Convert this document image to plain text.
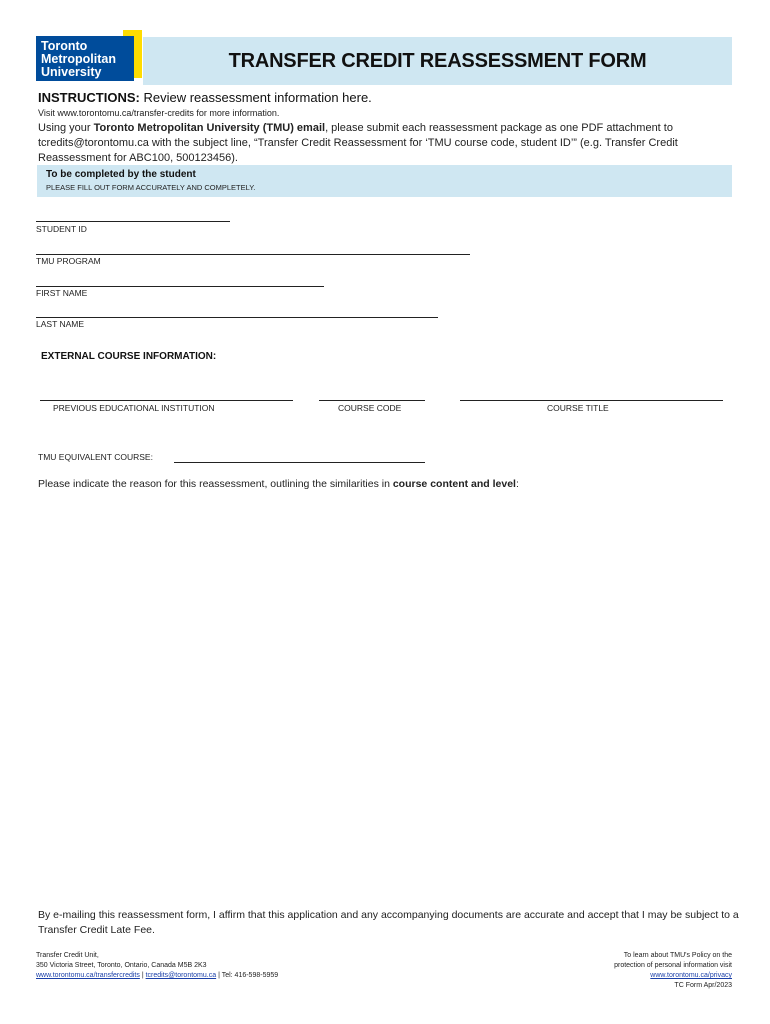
Toronto
Metropolitan
University	TRANSFER CREDIT REASSESSMENT FORM
INSTRUCTIONS: Review reassessment information here.
Visit www.torontomu.ca/transfer-credits for more information.
Using your Toronto Metropolitan University (TMU) email, please submit each reassessment package as one PDF attachment to tcredits@torontomu.ca with the subject line, “Transfer Credit Reassessment for ‘TMU course code, student ID’” (e.g. Transfer Credit Reassessment for ABC100, 500123456).
To be completed by the student
PLEASE FILL OUT FORM ACCURATELY AND COMPLETELY.
STUDENT ID
TMU PROGRAM
FIRST NAME
LAST NAME
EXTERNAL COURSE INFORMATION:
PREVIOUS EDUCATIONAL INSTITUTION	COURSE CODE	COURSE TITLE
TMU EQUIVALENT COURSE:
Please indicate the reason for this reassessment, outlining the similarities in course content and level:
By e-mailing this reassessment form, I affirm that this application and any accompanying documents are accurate and accept that I may be subject to a Transfer Credit Late Fee.
Transfer Credit Unit,
350 Victoria Street, Toronto, Ontario, Canada M5B 2K3
www.torontomu.ca/transfercredits | tcredits@torontomu.ca | Tel: 416-598-5959
To learn about TMU's Policy on the
protection of personal information visit
www.torontomu.ca/privacy
TC Form Apr/2023
